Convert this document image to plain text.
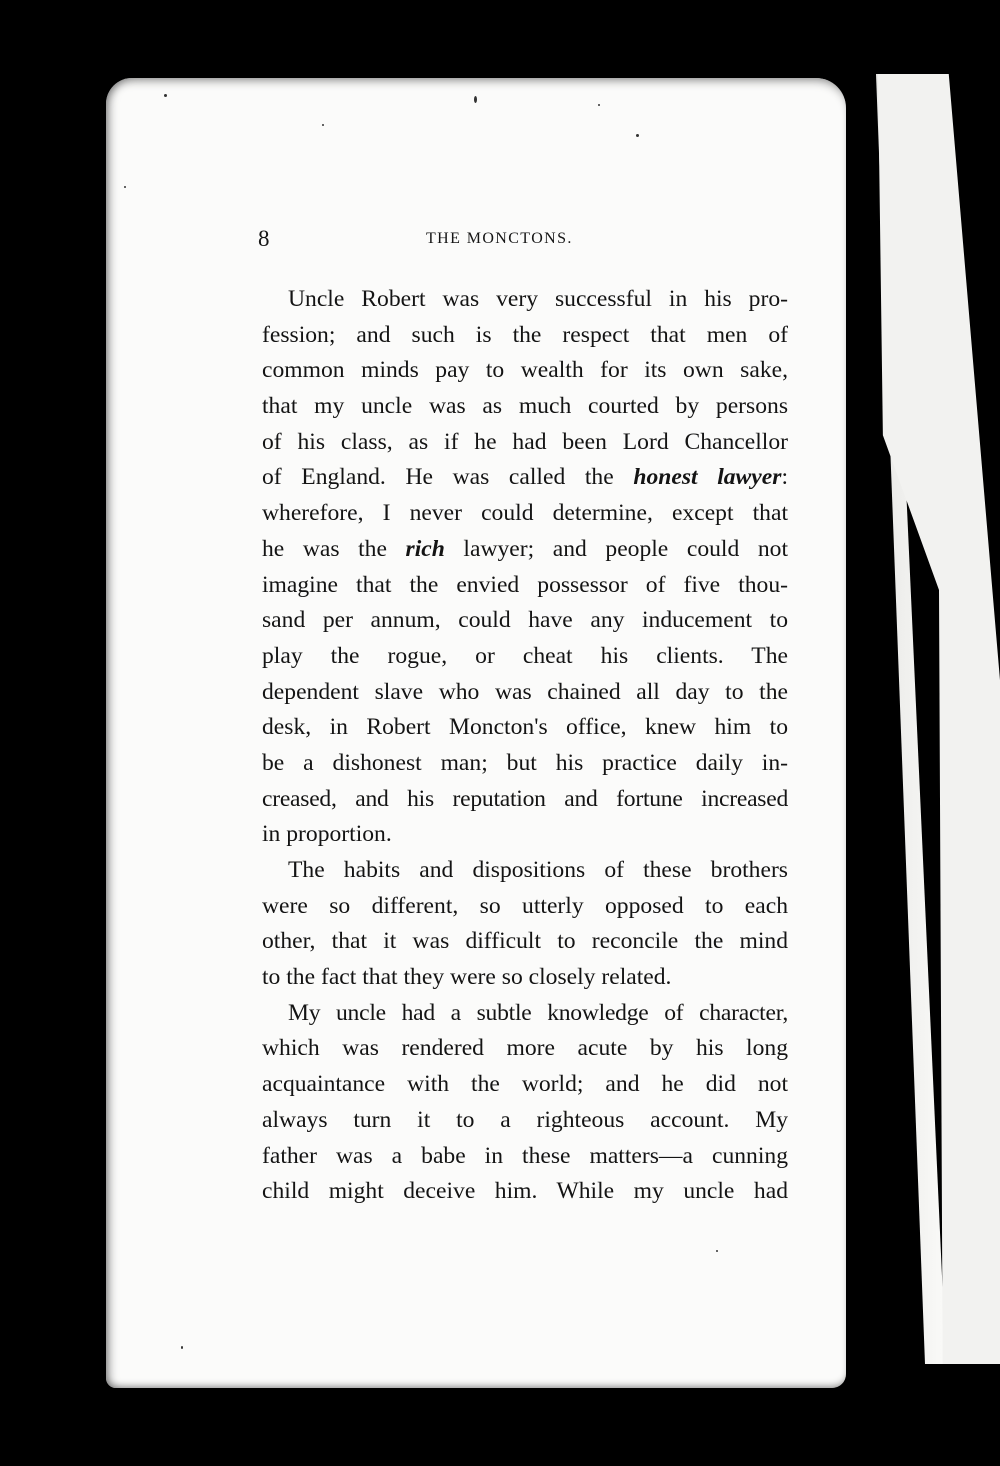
8	THE MONCTONS.
Uncle Robert was very successful in his pro-
fession; and such is the respect that men of
common minds pay to wealth for its own sake,
that my uncle was as much courted by persons
of his class, as if he had been Lord Chancellor
of England. He was called the honest lawyer:
wherefore, I never could determine, except that
he was the rich lawyer; and people could not
imagine that the envied possessor of five thou-
sand per annum, could have any inducement to
play the rogue, or cheat his clients. The
dependent slave who was chained all day to the
desk, in Robert Moncton's office, knew him to
be a dishonest man; but his practice daily in-
creased, and his reputation and fortune increased
in proportion.
The habits and dispositions of these brothers
were so different, so utterly opposed to each
other, that it was difficult to reconcile the mind
to the fact that they were so closely related.
My uncle had a subtle knowledge of character,
which was rendered more acute by his long
acquaintance with the world; and he did not
always turn it to a righteous account. My
father was a babe in these matters—a cunning
child might deceive him. While my uncle had
